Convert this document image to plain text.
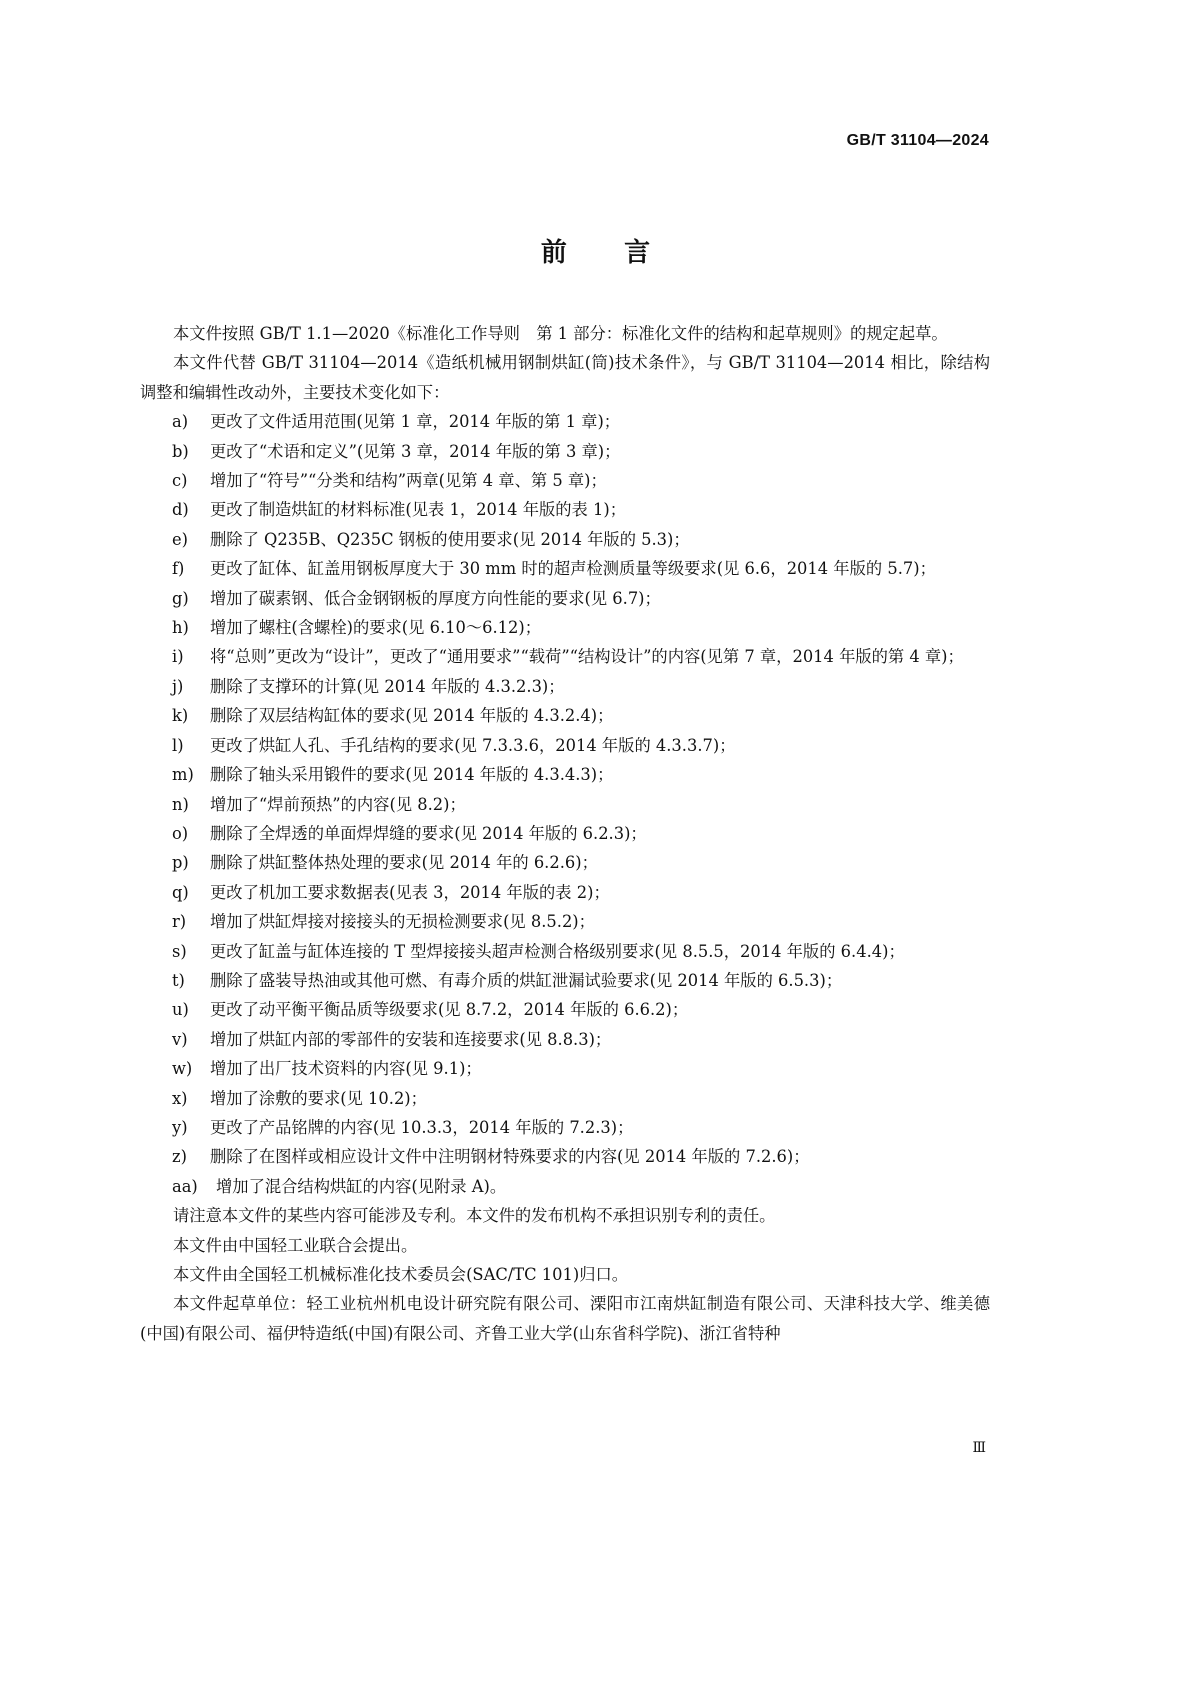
GB/T 31104—2024
前言

本文件按照 GB/T 1.1—2020《标准化工作导则　第 1 部分：标准化文件的结构和起草规则》的规定起草。

本文件代替 GB/T 31104—2014《造纸机械用钢制烘缸(筒)技术条件》，与 GB/T 31104—2014 相比，除结构调整和编辑性改动外，主要技术变化如下：

a) 更改了文件适用范围(见第 1 章，2014 年版的第 1 章)；

b) 更改了“术语和定义”(见第 3 章，2014 年版的第 3 章)；

c) 增加了“符号”“分类和结构”两章(见第 4 章、第 5 章)；

d) 更改了制造烘缸的材料标准(见表 1，2014 年版的表 1)；

e) 删除了 Q235B、Q235C 钢板的使用要求(见 2014 年版的 5.3)；

f) 更改了缸体、缸盖用钢板厚度大于 30 mm 时的超声检测质量等级要求(见 6.6，2014 年版的 5.7)；

g) 增加了碳素钢、低合金钢钢板的厚度方向性能的要求(见 6.7)；

h) 增加了螺柱(含螺栓)的要求(见 6.10～6.12)；

i) 将“总则”更改为“设计”，更改了“通用要求”“载荷”“结构设计”的内容(见第 7 章，2014 年版的第 4 章)；

j) 删除了支撑环的计算(见 2014 年版的 4.3.2.3)；

k) 删除了双层结构缸体的要求(见 2014 年版的 4.3.2.4)；

l) 更改了烘缸人孔、手孔结构的要求(见 7.3.3.6，2014 年版的 4.3.3.7)；

m) 删除了轴头采用锻件的要求(见 2014 年版的 4.3.4.3)；

n) 增加了“焊前预热”的内容(见 8.2)；

o) 删除了全焊透的单面焊焊缝的要求(见 2014 年版的 6.2.3)；

p) 删除了烘缸整体热处理的要求(见 2014 年的 6.2.6)；

q) 更改了机加工要求数据表(见表 3，2014 年版的表 2)；

r) 增加了烘缸焊接对接接头的无损检测要求(见 8.5.2)；

s) 更改了缸盖与缸体连接的 T 型焊接接头超声检测合格级别要求(见 8.5.5，2014 年版的 6.4.4)；

t) 删除了盛装导热油或其他可燃、有毒介质的烘缸泄漏试验要求(见 2014 年版的 6.5.3)；

u) 更改了动平衡平衡品质等级要求(见 8.7.2，2014 年版的 6.6.2)；

v) 增加了烘缸内部的零部件的安装和连接要求(见 8.8.3)；

w) 增加了出厂技术资料的内容(见 9.1)；

x) 增加了涂敷的要求(见 10.2)；

y) 更改了产品铭牌的内容(见 10.3.3，2014 年版的 7.2.3)；

z) 删除了在图样或相应设计文件中注明钢材特殊要求的内容(见 2014 年版的 7.2.6)；

aa) 增加了混合结构烘缸的内容(见附录 A)。

请注意本文件的某些内容可能涉及专利。本文件的发布机构不承担识别专利的责任。

本文件由中国轻工业联合会提出。

本文件由全国轻工机械标准化技术委员会(SAC/TC 101)归口。

本文件起草单位：轻工业杭州机电设计研究院有限公司、溧阳市江南烘缸制造有限公司、天津科技大学、维美德(中国)有限公司、福伊特造纸(中国)有限公司、齐鲁工业大学(山东省科学院)、浙江省特种

Ⅲ
